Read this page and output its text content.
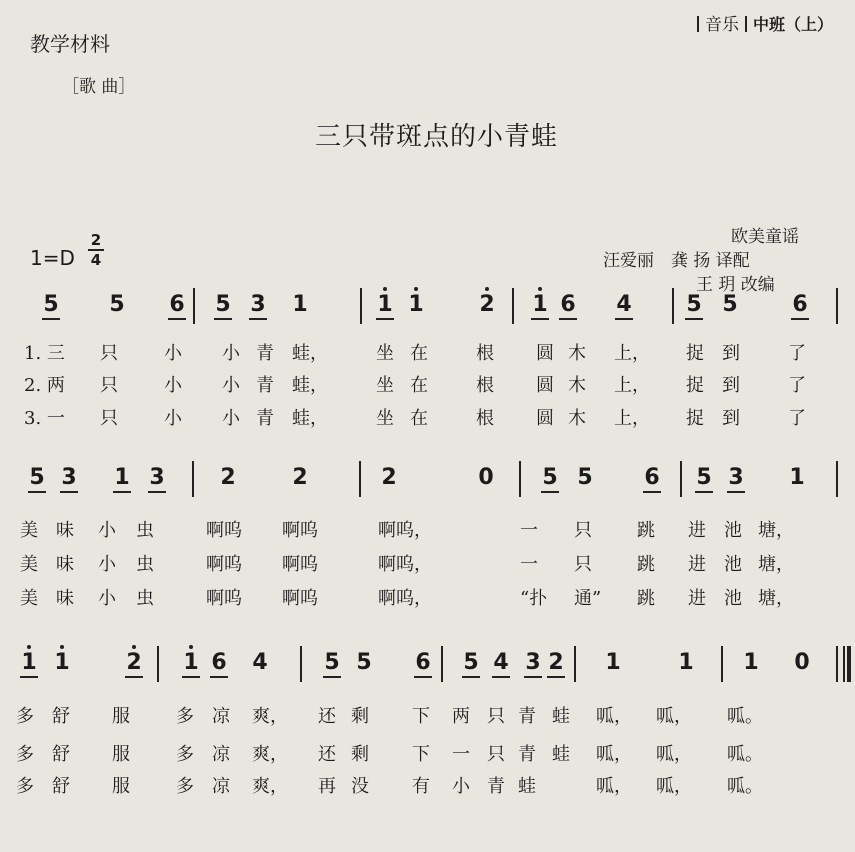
音乐 中班（上）
教学材料
［歌 曲］
三只带斑点的小青蛙
1=D
2
4
欧美童谣
汪爱丽　龚 扬 译配
王 玥 改编
5 5 6 5 3 1	1 1	2 1 6 4 5 5 6
1. 三 只	小 小 青 蛙，	坐 在	根 圆 木 上， 捉 到	了
2. 两 只	小 小 青 蛙，	坐 在	根 圆 木 上， 捉 到	了
3. 一 只	小 小 青 蛙，	坐 在	根 圆 木 上， 捉 到	了
5 3 1 3	2	2	2	0 5 5 6 5 3 1
美 味 小 虫	啊呜 啊呜	啊呜，	一 只	跳 进 池 塘，
美 味 小 虫	啊呜 啊呜	啊呜，	一 只	跳 进 池 塘，
美 味 小 虫	啊呜 啊呜	啊呜，	“扑 通” 跳 进 池 塘，
1 1	2 1 6 4	5 5 6 5 4 3 2 1	1 1 0
多 舒 服	多 凉 爽， 还 剩 下 两 只 青 蛙 呱， 呱， 呱。
多 舒 服	多 凉 爽， 还 剩 下 一 只 青 蛙 呱， 呱， 呱。
多 舒 服	多 凉 爽， 再 没 有 小 青 蛙	呱， 呱， 呱。
